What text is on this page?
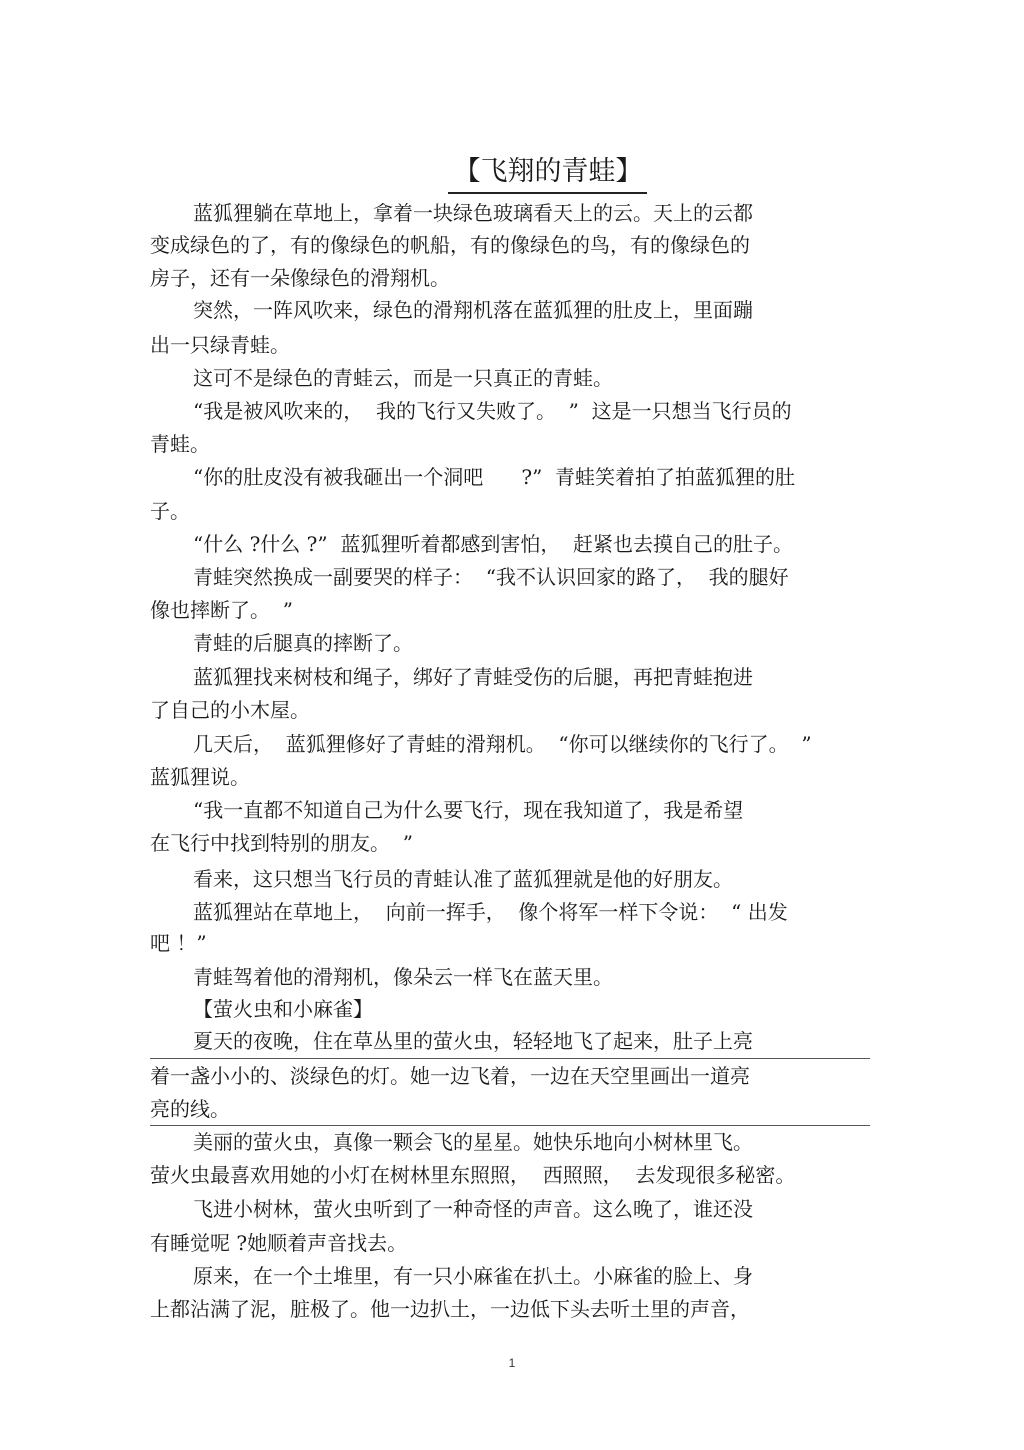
【飞翔的青蛙】
蓝狐狸躺在草地上，拿着一块绿色玻璃看天上的云。天上的云都
变成绿色的了，有的像绿色的帆船，有的像绿色的鸟，有的像绿色的
房子，还有一朵像绿色的滑翔机。
突然，一阵风吹来，绿色的滑翔机落在蓝狐狸的肚皮上，里面蹦
出一只绿青蛙。
这可不是绿色的青蛙云，而是一只真正的青蛙。
“我是被风吹来的，  我的飞行又失败了。  ”  这是一只想当飞行员的
青蛙。
“你的肚皮没有被我砸出一个洞吧      ?”  青蛙笑着拍了拍蓝狐狸的肚
子。
“什么 ?什么 ?”  蓝狐狸听着都感到害怕，  赶紧也去摸自己的肚子。
青蛙突然换成一副要哭的样子：  “我不认识回家的路了，  我的腿好
像也摔断了。  ”
青蛙的后腿真的摔断了。
蓝狐狸找来树枝和绳子，绑好了青蛙受伤的后腿，再把青蛙抱进
了自己的小木屋。
几天后，  蓝狐狸修好了青蛙的滑翔机。  “你可以继续你的飞行了。  ”
蓝狐狸说。
“我一直都不知道自己为什么要飞行，现在我知道了，我是希望
在飞行中找到特别的朋友。  ”
看来，这只想当飞行员的青蛙认准了蓝狐狸就是他的好朋友。
蓝狐狸站在草地上，  向前一挥手，  像个将军一样下令说：  “ 出发
吧 ！”
青蛙驾着他的滑翔机，像朵云一样飞在蓝天里。
【萤火虫和小麻雀】
夏天的夜晚，住在草丛里的萤火虫，轻轻地飞了起来，肚子上亮
着一盏小小的、淡绿色的灯。她一边飞着，一边在天空里画出一道亮
亮的线。
美丽的萤火虫，真像一颗会飞的星星。她快乐地向小树林里飞。
萤火虫最喜欢用她的小灯在树林里东照照，  西照照，  去发现很多秘密。
飞进小树林，萤火虫听到了一种奇怪的声音。这么晚了，谁还没
有睡觉呢 ?她顺着声音找去。
原来，在一个土堆里，有一只小麻雀在扒土。小麻雀的脸上、身
上都沾满了泥，脏极了。他一边扒土，一边低下头去听土里的声音，
1
